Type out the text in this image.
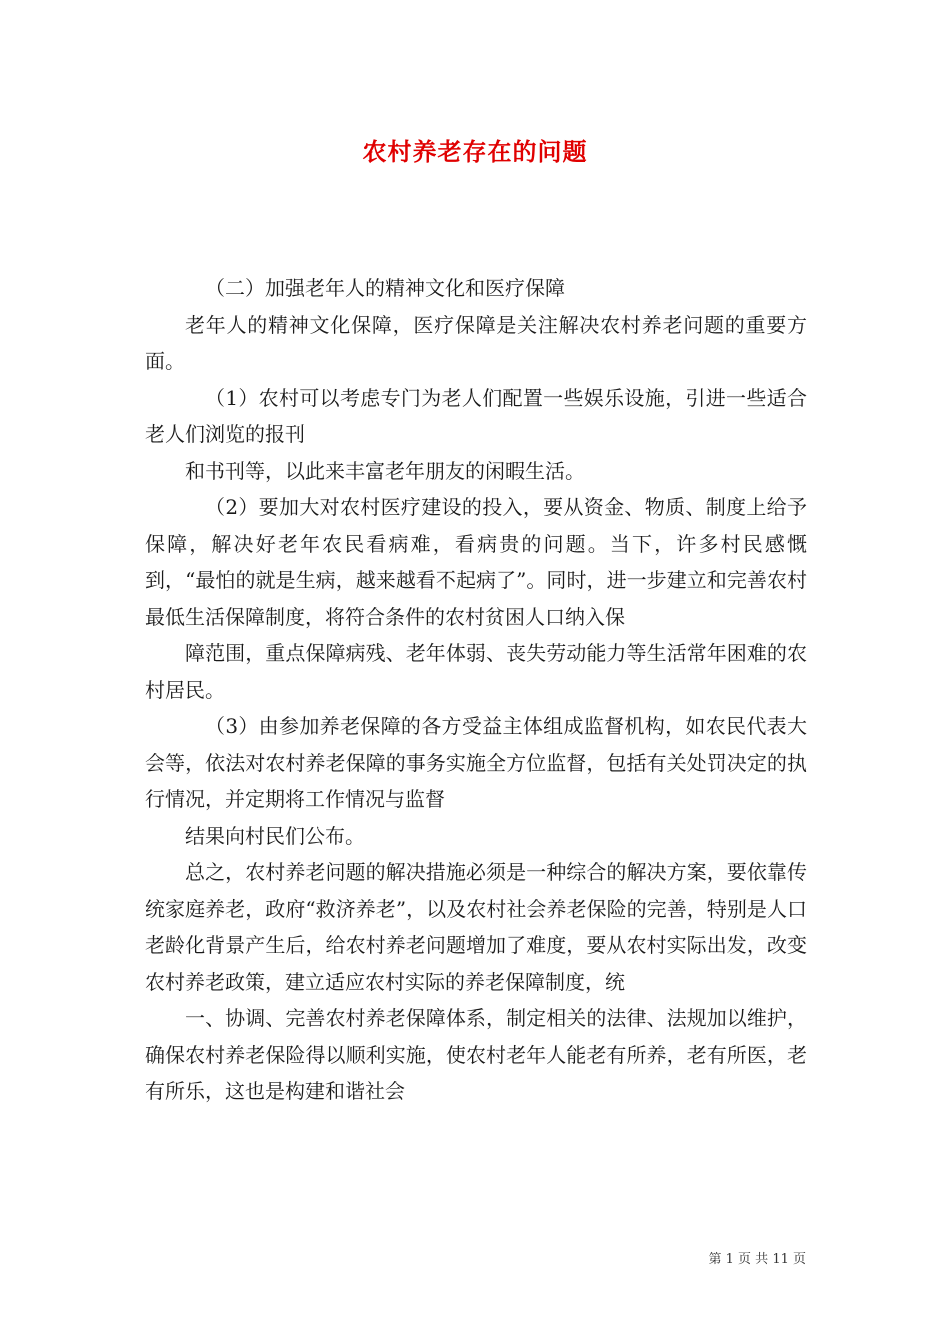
农村养老存在的问题

（二）加强老年人的精神文化和医疗保障

老年人的精神文化保障，医疗保障是关注解决农村养老问题的重要方面。

（1）农村可以考虑专门为老人们配置一些娱乐设施，引进一些适合老人们浏览的报刊

和书刊等，以此来丰富老年朋友的闲暇生活。

（2）要加大对农村医疗建设的投入，要从资金、物质、制度上给予保障，解决好老年农民看病难，看病贵的问题。当下，许多村民感慨到，“最怕的就是生病，越来越看不起病了”。同时，进一步建立和完善农村最低生活保障制度，将符合条件的农村贫困人口纳入保

障范围，重点保障病残、老年体弱、丧失劳动能力等生活常年困难的农村居民。

（3）由参加养老保障的各方受益主体组成监督机构，如农民代表大会等，依法对农村养老保障的事务实施全方位监督，包括有关处罚决定的执行情况，并定期将工作情况与监督

结果向村民们公布。

总之，农村养老问题的解决措施必须是一种综合的解决方案，要依靠传统家庭养老，政府“救济养老”，以及农村社会养老保险的完善，特别是人口老龄化背景产生后，给农村养老问题增加了难度，要从农村实际出发，改变农村养老政策，建立适应农村实际的养老保障制度，统

一、协调、完善农村养老保障体系，制定相关的法律、法规加以维护，确保农村养老保险得以顺利实施，使农村老年人能老有所养，老有所医，老有所乐，这也是构建和谐社会

第 1 页 共 11 页
